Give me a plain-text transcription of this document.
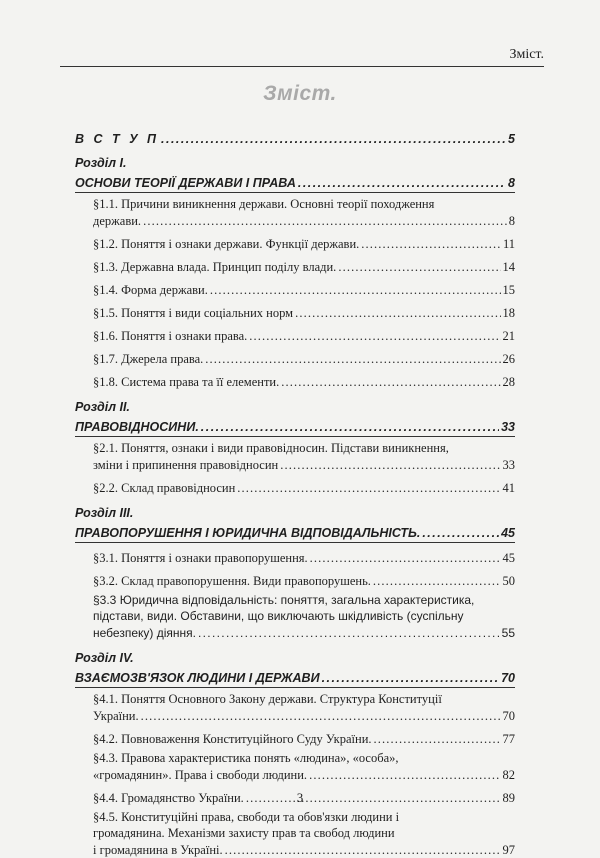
Зміст.
Зміст.
В С Т У П . . .	5
Розділ І.
ОСНОВИ ТЕОРІЇ ДЕРЖАВИ І ПРАВА . . .	8
§1.1. Причини виникнення держави. Основні теорії походження
держави. . . .	8
§1.2. Поняття і ознаки держави. Функції держави. . . .	11
§1.3. Державна влада. Принцип поділу влади. . . .	14
§1.4. Форма держави. . . .	15
§1.5. Поняття і види соціальних норм . . .	18
§1.6. Поняття і ознаки права. . . .	21
§1.7. Джерела права. . . .	26
§1.8. Система права та її елементи. . . .	28
Розділ ІІ.
ПРАВОВІДНОСИНИ. . . .	33
§2.1. Поняття, ознаки і види правовідносин. Підстави виникнення,
зміни і припинення правовідносин . . .	33
§2.2. Склад правовідносин . . .	41
Розділ ІІІ.
ПРАВОПОРУШЕННЯ І ЮРИДИЧНА ВІДПОВІДАЛЬНІСТЬ. . . .	45
§3.1. Поняття і ознаки правопорушення. . . .	45
§3.2. Склад правопорушення. Види правопорушень. . . .	50
§3.3 Юридична відповідальність: поняття, загальна характеристика,
підстави, види. Обставини, що виключають шкідливість (суспільну
небезпеку) діяння. . . .	55
Розділ IV.
ВЗАЄМОЗВ'ЯЗОК ЛЮДИНИ І ДЕРЖАВИ . . .	70
§4.1. Поняття Основного Закону держави. Структура Конституції
України. . . .	70
§4.2. Повноваження Конституційного Суду України. . . .	77
§4.3. Правова характеристика понять «людина», «особа»,
«громадянин». Права і свободи людини. . . .	82
§4.4. Громадянство України. . . .	89
§4.5. Конституційні права, свободи та обов'язки людини і
громадянина. Механізми захисту прав та свобод людини
і громадянина в Україні. . . .	97
3
